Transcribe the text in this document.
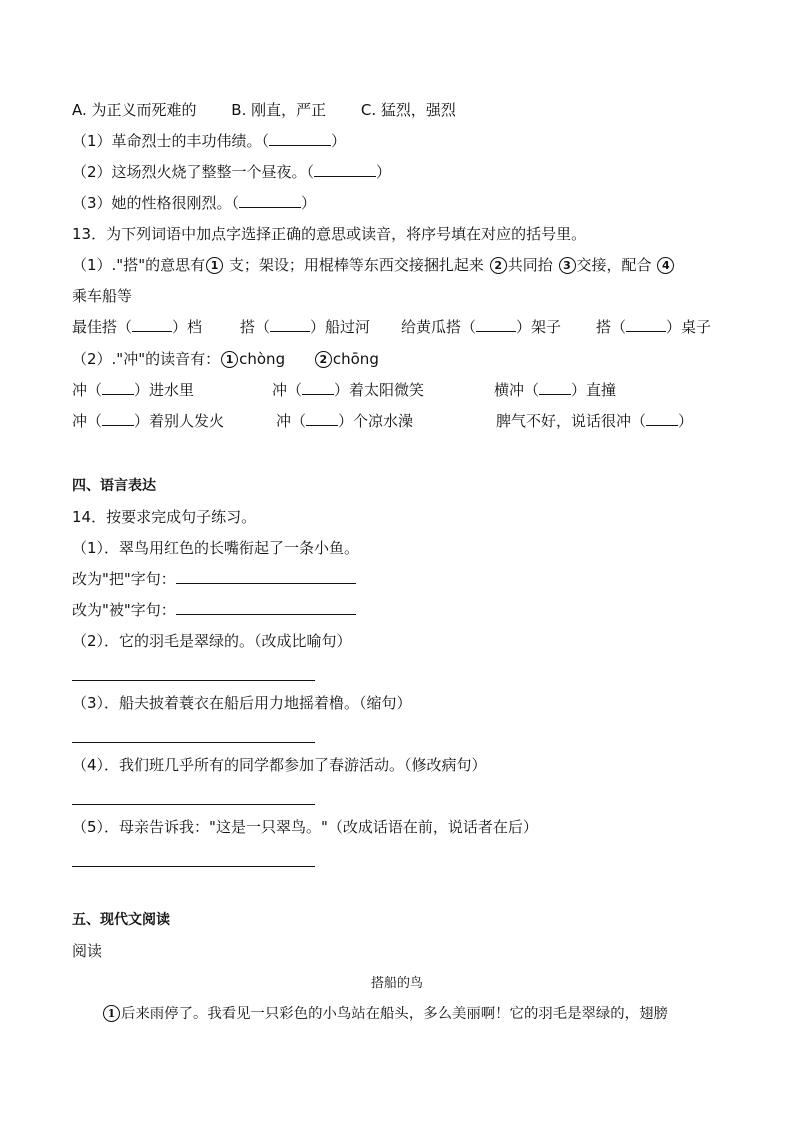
A. 为正义而死难的 　　B. 刚直，严正 　　C. 猛烈，强烈
（1）革命烈士的丰功伟绩。（	）
（2）这场烈火烧了整整一个昼夜。（	）
（3）她的性格很刚烈。（	）
13．为下列词语中加点字选择正确的意思或读音，将序号填在对应的括号里。
（1）."搭"的意思有 1 支；架设；用棍棒等东西交接捆扎起来 2 共同抬 3 交接，配合 4
乘车船等
最佳搭（	）档	搭（	）船过河 给黄瓜搭（	）架子 搭（	）桌子
（2）."冲"的读音有： 1 chòng	2 chōng
冲（ ）进水里	冲（ ）着太阳微笑	横冲（ ）直撞
冲（ ）着别人发火	冲（ ）个凉水澡	脾气不好，说话很冲（ ）
四、语言表达
14．按要求完成句子练习。
（1）．翠鸟用红色的长嘴衔起了一条小鱼。
改为"把"字句：
改为"被"字句：
（2）．它的羽毛是翠绿的。（改成比喻句）
（3）．船夫披着蓑衣在船后用力地摇着橹。（缩句）
（4）．我们班几乎所有的同学都参加了春游活动。（修改病句）
（5）．母亲告诉我："这是一只翠鸟。"（改成话语在前，说话者在后）
五、现代文阅读
阅读
搭船的鸟
1 后来雨停了。我看见一只彩色的小鸟站在船头，多么美丽啊！它的羽毛是翠绿的，翅膀
